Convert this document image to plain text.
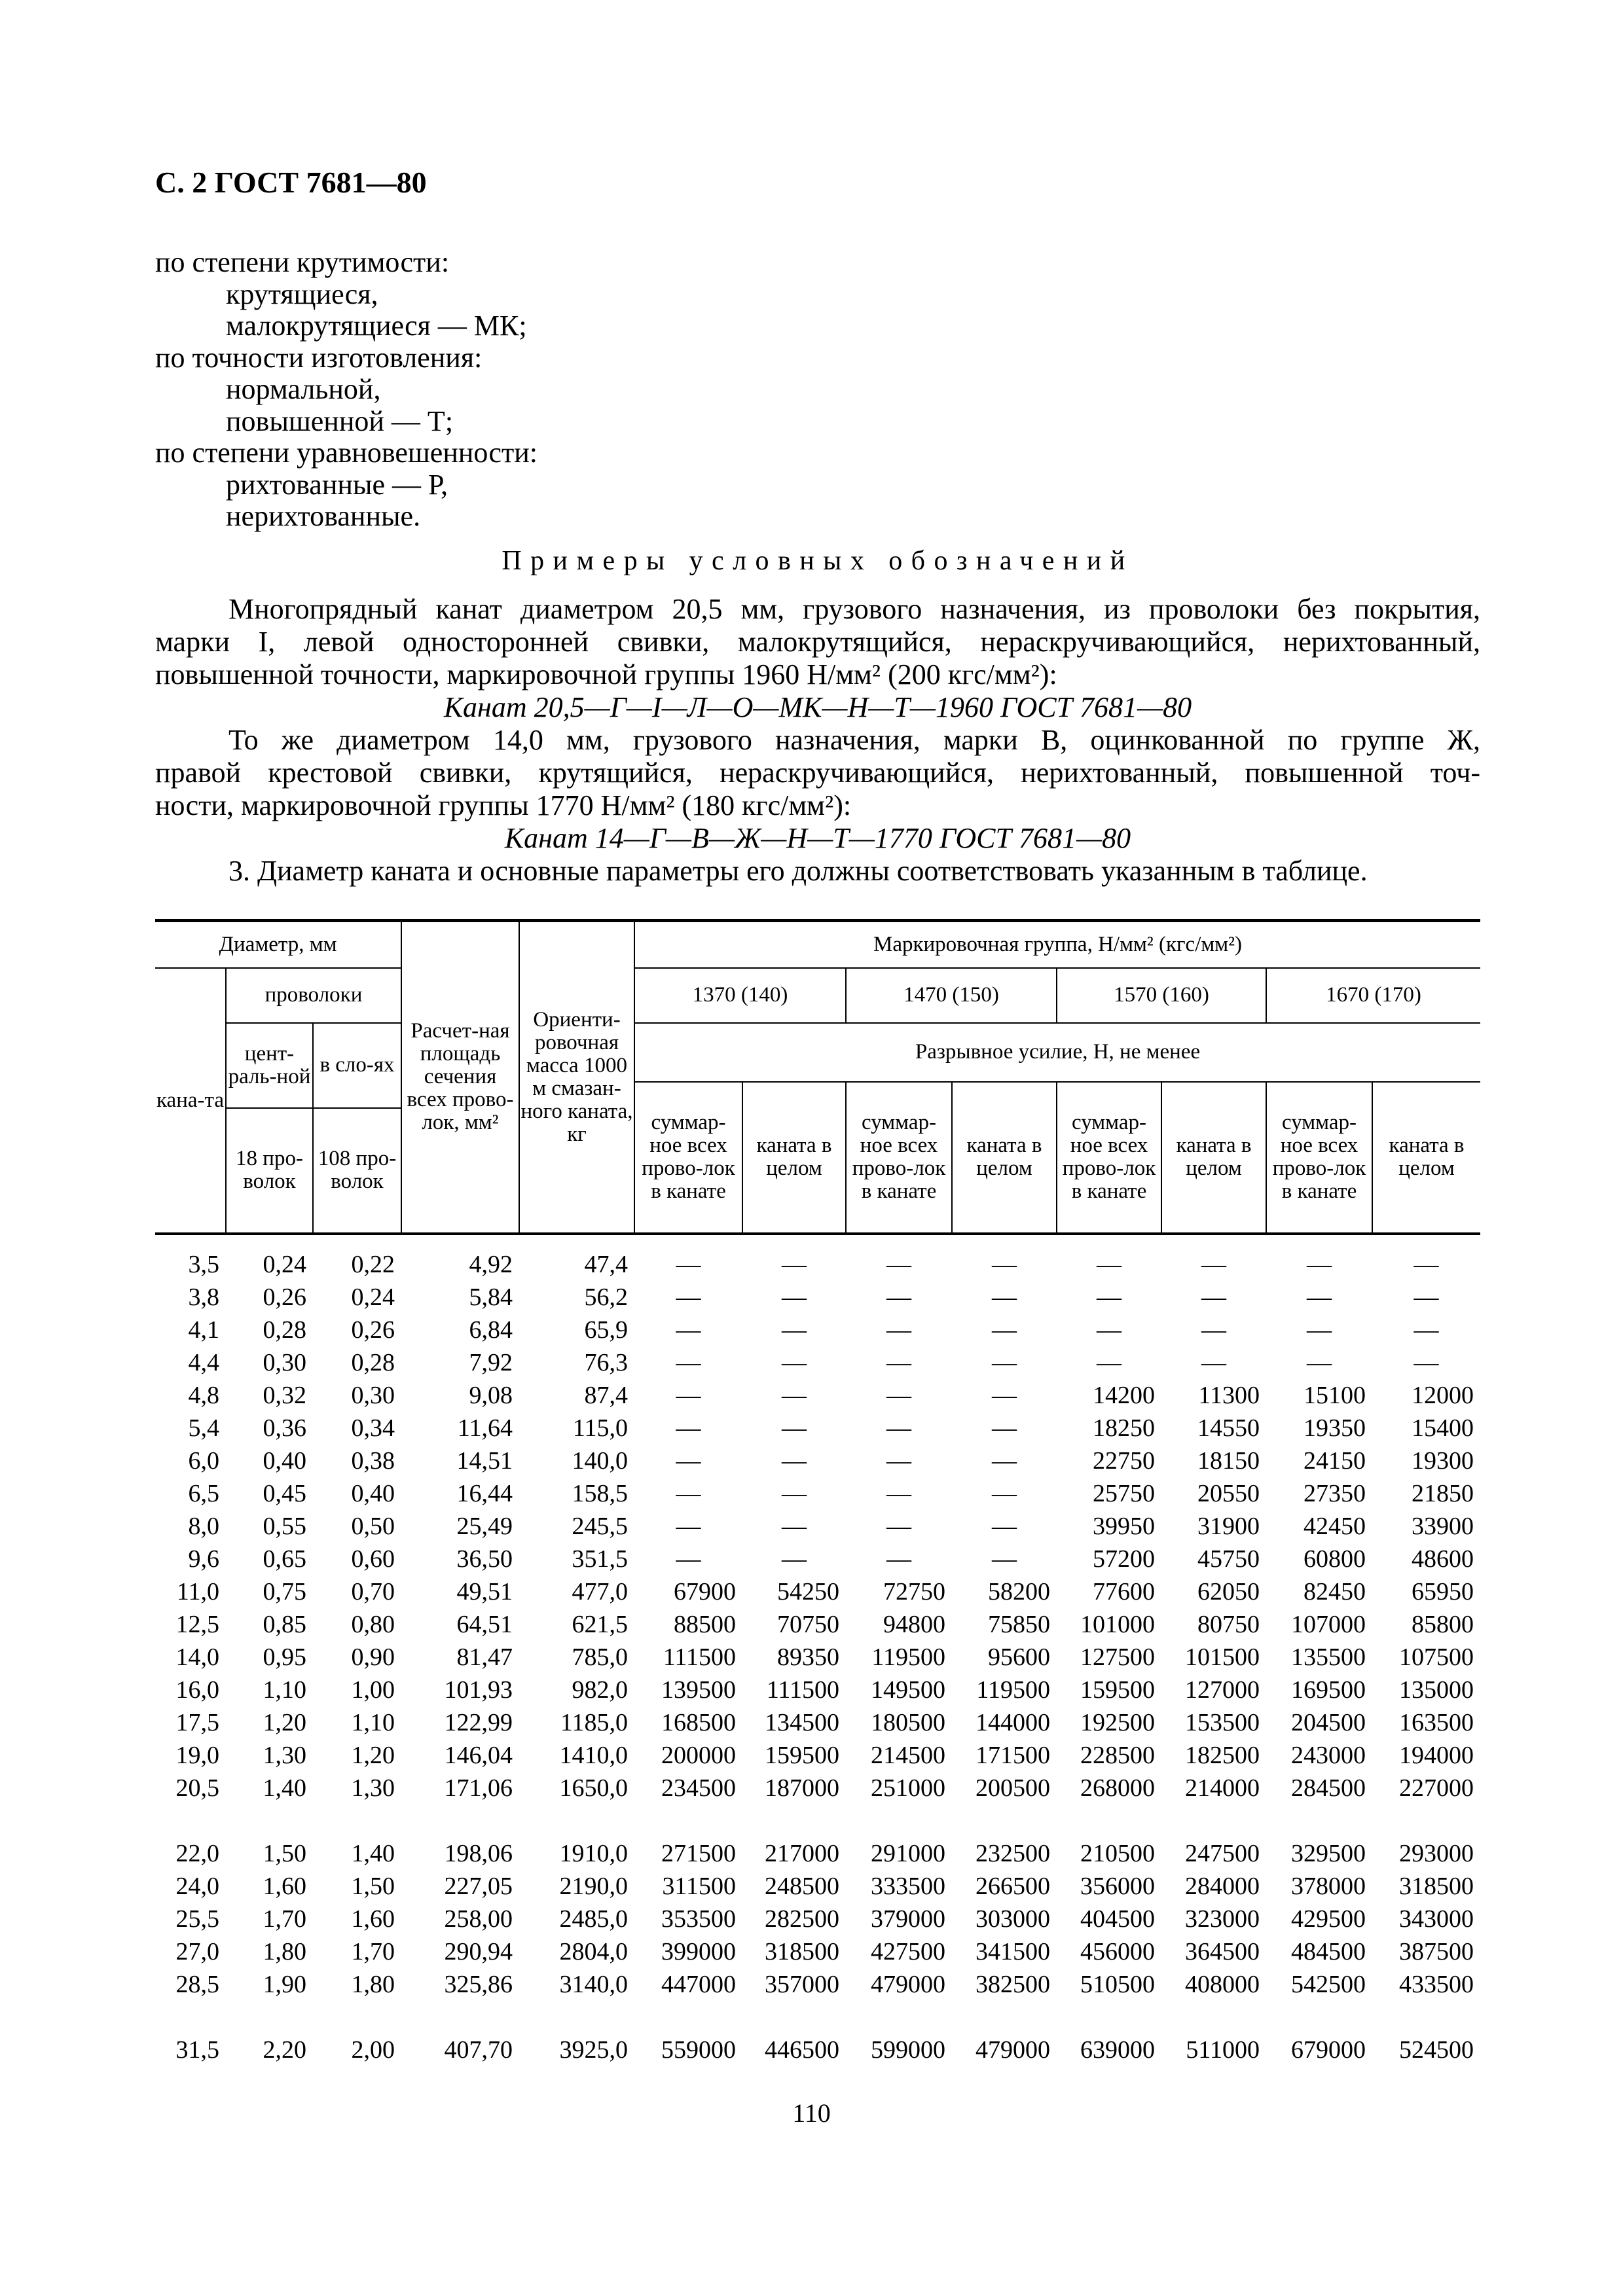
С. 2 ГОСТ 7681—80
по степени крутимости:
крутящиеся,
малокрутящиеся — МК;
по точности изготовления:
нормальной,
повышенной — Т;
по степени уравновешенности:
рихтованные — Р,
нерихтованные.
Примеры условных обозначений
Многопрядный канат диаметром 20,5 мм, грузового назначения, из проволоки без покрытия,
марки I, левой односторонней свивки, малокрутящийся, нераскручивающийся, нерихтованный,
повышенной точности, маркировочной группы 1960 Н/мм² (200 кгс/мм²):
Канат 20,5—Г—I—Л—О—МК—Н—Т—1960 ГОСТ 7681—80
То же диаметром 14,0 мм, грузового назначения, марки В, оцинкованной по группе Ж,
правой крестовой свивки, крутящийся, нераскручивающийся, нерихтованный, повышенной точ-
ности, маркировочной группы 1770 Н/мм² (180 кгс/мм²):
Канат 14—Г—В—Ж—Н—Т—1770 ГОСТ 7681—80
3. Диаметр каната и основные параметры его должны соответствовать указанным в таблице.
Диаметр, мм			Расчет-ная площадь сечения всех прово-лок, мм²	Ориенти-ровочная масса 1000 м смазан-ного каната, кг	Маркировочная группа, Н/мм² (кгс/мм²)							
кана-та	проволоки				1370 (140)		1470 (150)		1570 (160)		1670 (170)	
	цент-раль-ной	в сло-ях			Разрывное усилие, Н, не менее							
					суммар-ное всех прово-лок в канате	каната в целом	суммар-ное всех прово-лок в канате	каната в целом	суммар-ное всех прово-лок в канате	каната в целом	суммар-ное всех прово-лок в канате	каната в целом
	18 про-волок	108 про-волок										
3,5	0,24	0,22	4,92	47,4	—	—	—	—	—	—	—	—
3,8	0,26	0,24	5,84	56,2	—	—	—	—	—	—	—	—
4,1	0,28	0,26	6,84	65,9	—	—	—	—	—	—	—	—
4,4	0,30	0,28	7,92	76,3	—	—	—	—	—	—	—	—
4,8	0,32	0,30	9,08	87,4	—	—	—	—	14200	11300	15100	12000
5,4	0,36	0,34	11,64	115,0	—	—	—	—	18250	14550	19350	15400
6,0	0,40	0,38	14,51	140,0	—	—	—	—	22750	18150	24150	19300
6,5	0,45	0,40	16,44	158,5	—	—	—	—	25750	20550	27350	21850
8,0	0,55	0,50	25,49	245,5	—	—	—	—	39950	31900	42450	33900
9,6	0,65	0,60	36,50	351,5	—	—	—	—	57200	45750	60800	48600
11,0	0,75	0,70	49,51	477,0	67900	54250	72750	58200	77600	62050	82450	65950
12,5	0,85	0,80	64,51	621,5	88500	70750	94800	75850	101000	80750	107000	85800
14,0	0,95	0,90	81,47	785,0	111500	89350	119500	95600	127500	101500	135500	107500
16,0	1,10	1,00	101,93	982,0	139500	111500	149500	119500	159500	127000	169500	135000
17,5	1,20	1,10	122,99	1185,0	168500	134500	180500	144000	192500	153500	204500	163500
19,0	1,30	1,20	146,04	1410,0	200000	159500	214500	171500	228500	182500	243000	194000
20,5	1,40	1,30	171,06	1650,0	234500	187000	251000	200500	268000	214000	284500	227000

22,0	1,50	1,40	198,06	1910,0	271500	217000	291000	232500	210500	247500	329500	293000
24,0	1,60	1,50	227,05	2190,0	311500	248500	333500	266500	356000	284000	378000	318500
25,5	1,70	1,60	258,00	2485,0	353500	282500	379000	303000	404500	323000	429500	343000
27,0	1,80	1,70	290,94	2804,0	399000	318500	427500	341500	456000	364500	484500	387500
28,5	1,90	1,80	325,86	3140,0	447000	357000	479000	382500	510500	408000	542500	433500

31,5	2,20	2,00	407,70	3925,0	559000	446500	599000	479000	639000	511000	679000	524500
110
